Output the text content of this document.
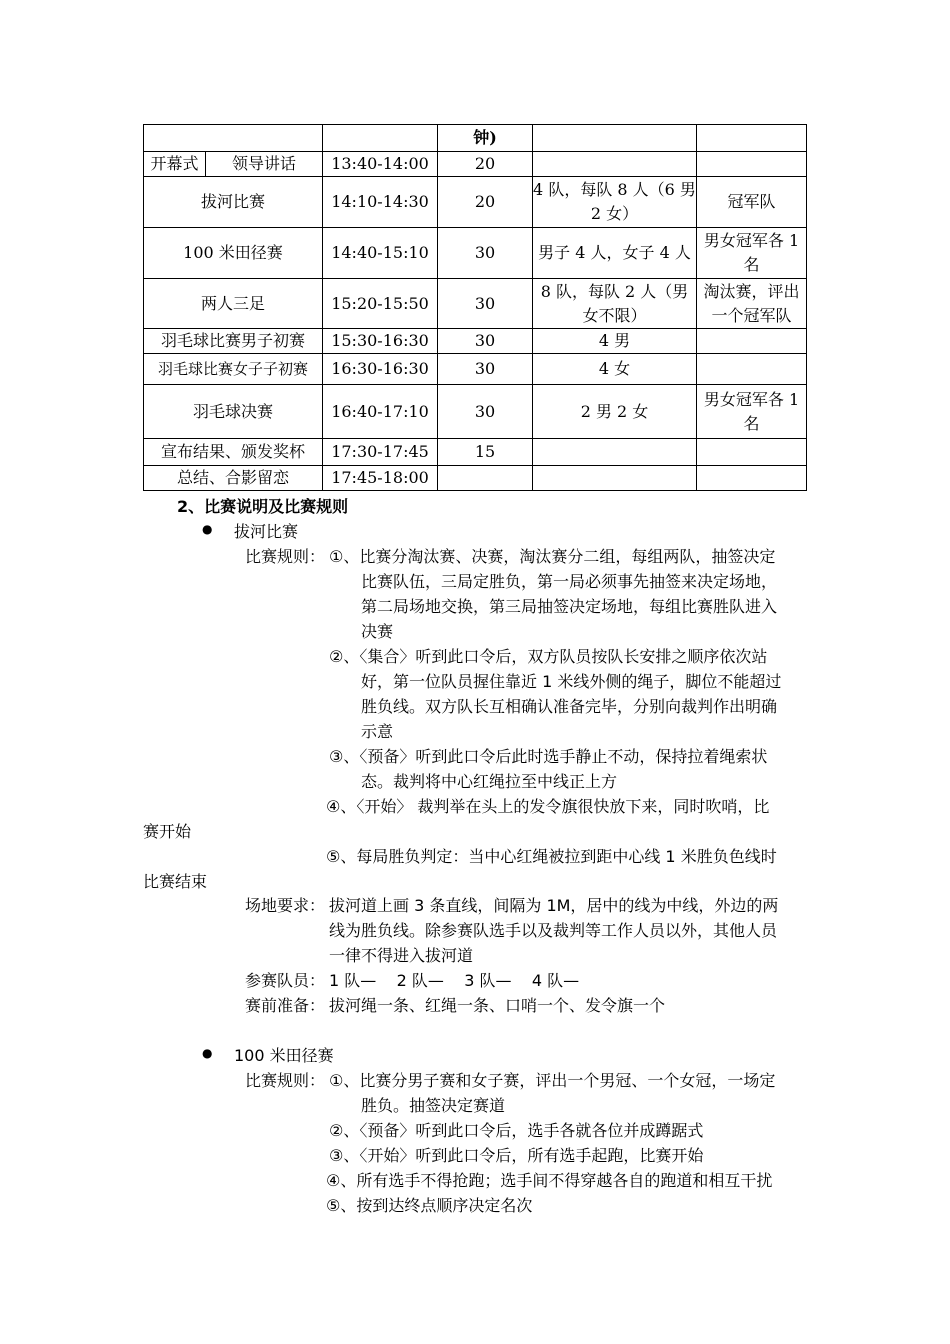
			钟)		
开幕式	领导讲话	13:40-14:00	20		
拔河比赛		14:10-14:30	20	4 队，每队 8 人（6 男 2 女）	冠军队
100 米田径赛		14:40-15:10	30	男子 4 人，女子 4 人	男女冠军各 1 名
两人三足		15:20-15:50	30	8 队，每队 2 人（男女不限）	淘汰赛，评出一个冠军队
羽毛球比赛男子初赛		15:30-16:30	30	4 男	
羽毛球比赛女子子初赛		16:30-16:30	30	4 女	
羽毛球决赛		16:40-17:10	30	2 男 2 女	男女冠军各 1 名
宣布结果、颁发奖杯		17:30-17:45	15		
总结、合影留恋		17:45-18:00			
2、比赛说明及比赛规则
● 拔河比赛
比赛规则： ①、比赛分淘汰赛、决赛，淘汰赛分二组，每组两队，抽签决定
比赛队伍，三局定胜负，第一局必须事先抽签来决定场地，
第二局场地交换，第三局抽签决定场地，每组比赛胜队进入
决赛
②、〈集合〉听到此口令后，双方队员按队长安排之顺序依次站
好，第一位队员握住靠近 1 米线外侧的绳子，脚位不能超过
胜负线。双方队长互相确认准备完毕，分别向裁判作出明确
示意
③、〈预备〉听到此口令后此时选手静止不动，保持拉着绳索状
态。裁判将中心红绳拉至中线正上方
④、〈开始〉 裁判举在头上的发令旗很快放下来，同时吹哨，比
赛开始
⑤、每局胜负判定：当中心红绳被拉到距中心线 1 米胜负色线时
比赛结束
场地要求： 拔河道上画 3 条直线，间隔为 1M，居中的线为中线，外边的两
线为胜负线。除参赛队选手以及裁判等工作人员以外，其他人员
一律不得进入拔河道
参赛队员： 1 队—    2 队—    3 队—    4 队—
赛前准备： 拔河绳一条、红绳一条、口哨一个、发令旗一个
● 100 米田径赛
比赛规则： ①、比赛分男子赛和女子赛，评出一个男冠、一个女冠，一场定
胜负。抽签决定赛道
②、〈预备〉听到此口令后，选手各就各位并成蹲踞式
③、〈开始〉听到此口令后，所有选手起跑，比赛开始
④、所有选手不得抢跑；选手间不得穿越各自的跑道和相互干扰
⑤、按到达终点顺序决定名次
